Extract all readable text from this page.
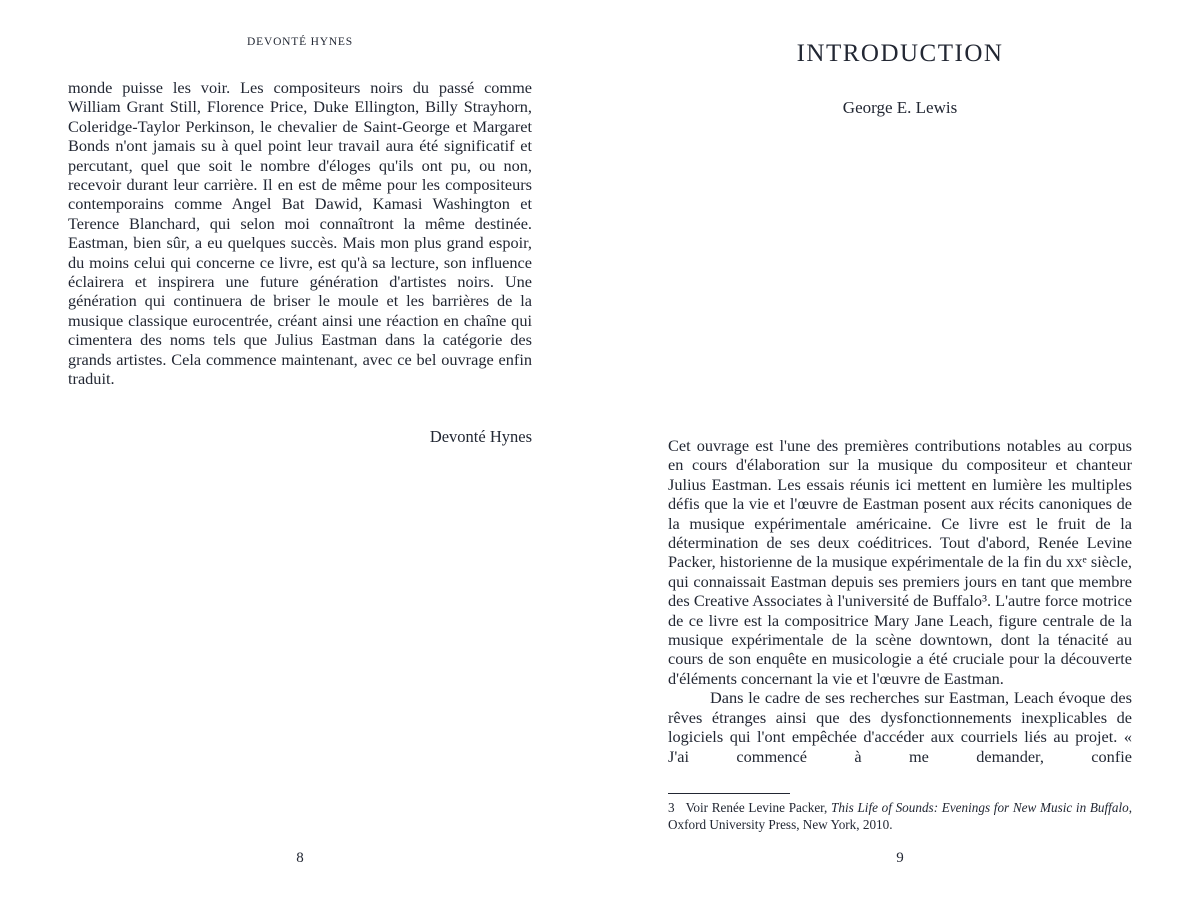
DEVONTÉ HYNES
monde puisse les voir. Les compositeurs noirs du passé comme William Grant Still, Florence Price, Duke Ellington, Billy Strayhorn, Coleridge-Taylor Perkinson, le chevalier de Saint-George et Margaret Bonds n'ont jamais su à quel point leur travail aura été significatif et percutant, quel que soit le nombre d'éloges qu'ils ont pu, ou non, recevoir durant leur carrière. Il en est de même pour les compositeurs contemporains comme Angel Bat Dawid, Kamasi Washington et Terence Blanchard, qui selon moi connaîtront la même destinée. Eastman, bien sûr, a eu quelques succès. Mais mon plus grand espoir, du moins celui qui concerne ce livre, est qu'à sa lecture, son influence éclairera et inspirera une future génération d'artistes noirs. Une génération qui continuera de briser le moule et les barrières de la musique classique eurocentrée, créant ainsi une réaction en chaîne qui cimentera des noms tels que Julius Eastman dans la catégorie des grands artistes. Cela commence maintenant, avec ce bel ouvrage enfin traduit.
Devonté Hynes
8
INTRODUCTION
George E. Lewis

Cet ouvrage est l'une des premières contributions notables au corpus en cours d'élaboration sur la musique du compositeur et chanteur Julius Eastman. Les essais réunis ici mettent en lumière les multiples défis que la vie et l'œuvre de Eastman posent aux récits canoniques de la musique expérimentale américaine. Ce livre est le fruit de la détermination de ses deux coéditrices. Tout d'abord, Renée Levine Packer, historienne de la musique expérimentale de la fin du xxᵉ siècle, qui connaissait Eastman depuis ses premiers jours en tant que membre des Creative Associates à l'université de Buffalo³. L'autre force motrice de ce livre est la compositrice Mary Jane Leach, figure centrale de la musique expérimentale de la scène downtown, dont la ténacité au cours de son enquête en musicologie a été cruciale pour la découverte d'éléments concernant la vie et l'œuvre de Eastman.

Dans le cadre de ses recherches sur Eastman, Leach évoque des rêves étranges ainsi que des dysfonctionnements inexplicables de logiciels qui l'ont empêchée d'accéder aux courriels liés au projet. « J'ai commencé à me demander, confie

3 Voir Renée Levine Packer, This Life of Sounds: Evenings for New Music in Buffalo, Oxford University Press, New York, 2010.
9
